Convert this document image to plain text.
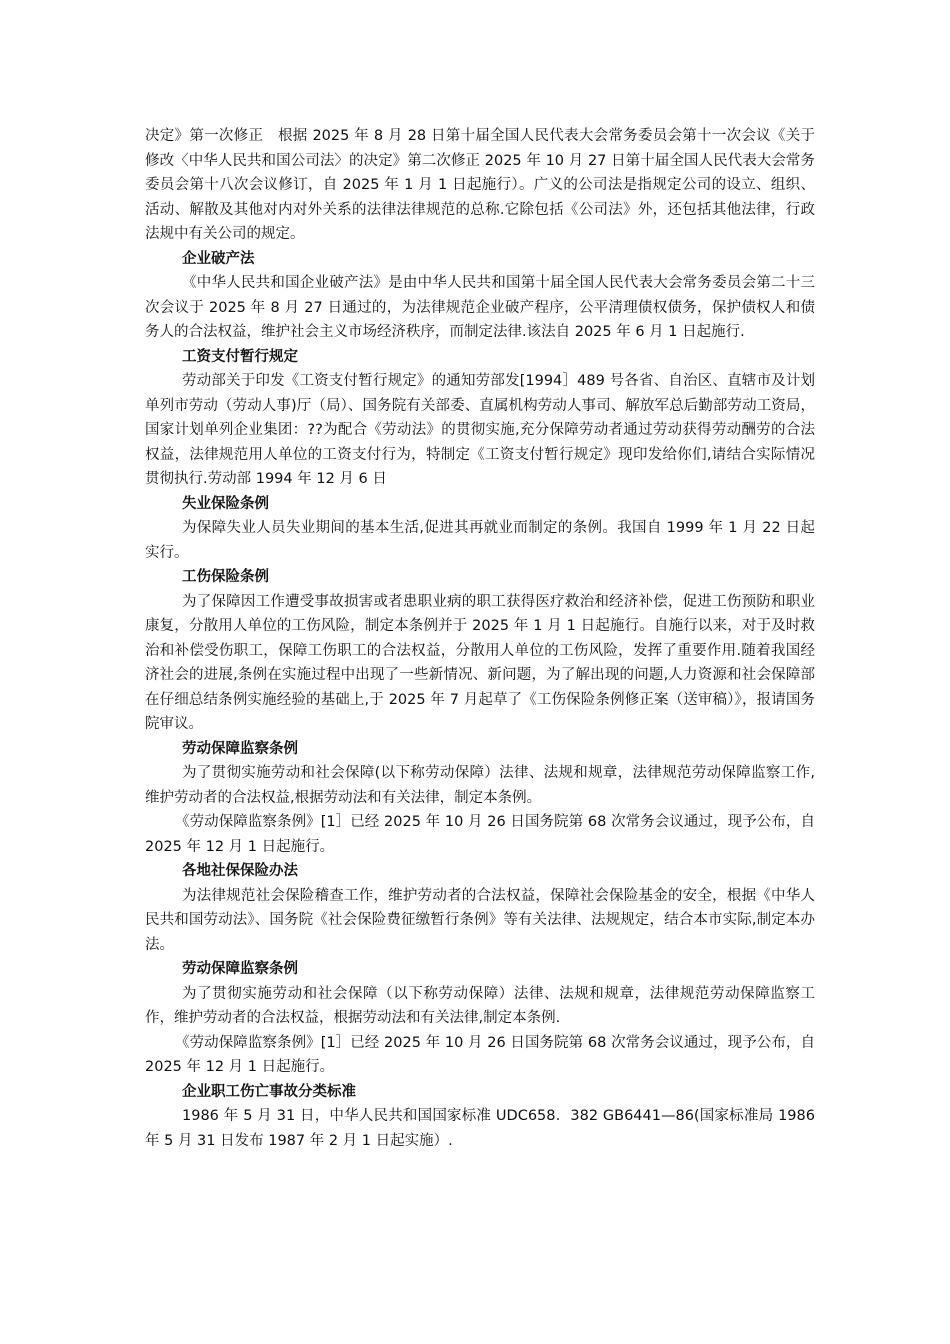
决定》第一次修正　根据 2025 年 8 月 28 日第十届全国人民代表大会常务委员会第十一次会议《关于修改〈中华人民共和国公司法〉的决定》第二次修正 2025 年 10 月 27 日第十届全国人民代表大会常务委员会第十八次会议修订，自 2025 年 1 月 1 日起施行）。广义的公司法是指规定公司的设立、组织、活动、解散及其他对内对外关系的法律法律规范的总称.它除包括《公司法》外，还包括其他法律，行政法规中有关公司的规定。

企业破产法

《中华人民共和国企业破产法》是由中华人民共和国第十届全国人民代表大会常务委员会第二十三次会议于 2025 年 8 月 27 日通过的，为法律规范企业破产程序，公平清理债权债务，保护债权人和债务人的合法权益，维护社会主义市场经济秩序，而制定法律.该法自 2025 年 6 月 1 日起施行.

工资支付暂行规定

劳动部关于印发《工资支付暂行规定》的通知劳部发[1994］489 号各省、自治区、直辖市及计划单列市劳动（劳动人事)厅（局）、国务院有关部委、直属机构劳动人事司、解放军总后勤部劳动工资局，国家计划单列企业集团：??为配合《劳动法》的贯彻实施,充分保障劳动者通过劳动获得劳动酬劳的合法权益，法律规范用人单位的工资支付行为，特制定《工资支付暂行规定》现印发给你们,请结合实际情况贯彻执行.劳动部 1994 年 12 月 6 日

失业保险条例

为保障失业人员失业期间的基本生活,促进其再就业而制定的条例。我国自 1999 年 1 月 22 日起实行。

工伤保险条例

为了保障因工作遭受事故损害或者患职业病的职工获得医疗救治和经济补偿，促进工伤预防和职业康复，分散用人单位的工伤风险，制定本条例并于 2025 年 1 月 1 日起施行。自施行以来，对于及时救治和补偿受伤职工，保障工伤职工的合法权益，分散用人单位的工伤风险，发挥了重要作用.随着我国经济社会的进展,条例在实施过程中出现了一些新情况、新问题，为了解出现的问题,人力资源和社会保障部在仔细总结条例实施经验的基础上,于 2025 年 7 月起草了《工伤保险条例修正案（送审稿）》，报请国务院审议。

劳动保障监察条例

为了贯彻实施劳动和社会保障(以下称劳动保障）法律、法规和规章，法律规范劳动保障监察工作,维护劳动者的合法权益,根据劳动法和有关法律，制定本条例。

《劳动保障监察条例》[1］已经 2025 年 10 月 26 日国务院第 68 次常务会议通过，现予公布，自 2025 年 12 月 1 日起施行。

各地社保保险办法

为法律规范社会保险稽查工作，维护劳动者的合法权益，保障社会保险基金的安全，根据《中华人民共和国劳动法》、国务院《社会保险费征缴暂行条例》等有关法律、法规规定，结合本市实际,制定本办法。

劳动保障监察条例

为了贯彻实施劳动和社会保障（以下称劳动保障）法律、法规和规章，法律规范劳动保障监察工作，维护劳动者的合法权益，根据劳动法和有关法律,制定本条例.

《劳动保障监察条例》[1］已经 2025 年 10 月 26 日国务院第 68 次常务会议通过，现予公布，自 2025 年 12 月 1 日起施行。

企业职工伤亡事故分类标准

1986 年 5 月 31 日，中华人民共和国国家标准 UDC658．382 GB6441—86(国家标准局 1986 年 5 月 31 日发布 1987 年 2 月 1 日起实施）.
